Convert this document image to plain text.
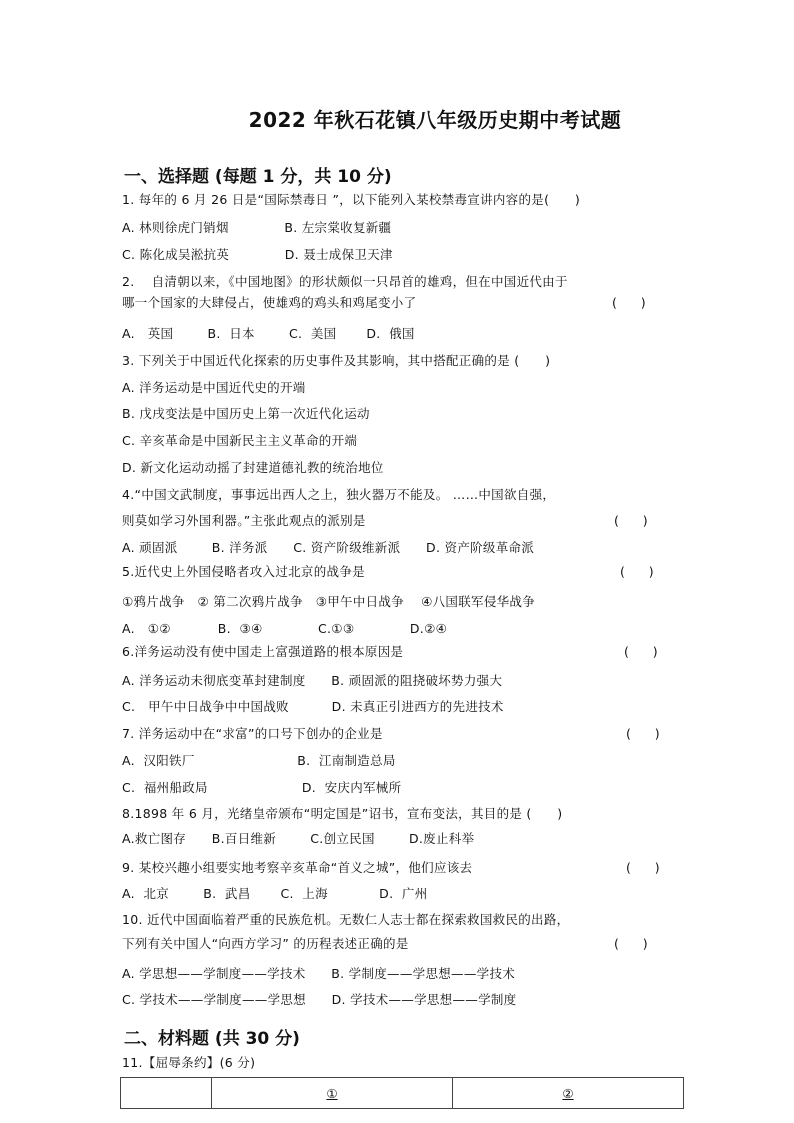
2022 年秋石花镇八年级历史期中考试题
一、选择题 (每题 1 分，共 10 分)
1. 每年的 6 月 26 日是“国际禁毒日 ”，以下能列入某校禁毒宣讲内容的是(      )
A. 林则徐虎门销烟             B. 左宗棠收复新疆
C. 陈化成吴淞抗英             D. 聂士成保卫天津
2.    自清朝以来，《中国地图》的形状颇似一只昂首的雄鸡，但在中国近代由于
哪一个国家的大肆侵占，使雄鸡的鸡头和鸡尾变小了	(      )
A.   英国        B.  日本        C.  美国       D.  俄国
3. 下列关于中国近代化探索的历史事件及其影响，其中搭配正确的是 (      )
A. 洋务运动是中国近代史的开端
B. 戊戌变法是中国历史上第一次近代化运动
C. 辛亥革命是中国新民主主义革命的开端
D. 新文化运动动摇了封建道德礼教的统治地位
4.“中国文武制度，事事远出西人之上，独火器万不能及。 ……中国欲自强，
则莫如学习外国利器。”主张此观点的派别是	(      )
A. 顽固派        B. 洋务派      C. 资产阶级维新派      D. 资产阶级革命派
5.近代史上外国侵略者攻入过北京的战争是	(      )
①鸦片战争   ② 第二次鸦片战争   ③甲午中日战争    ④八国联军侵华战争
A.   ①②           B.  ③④             C.①③             D.②④
6.洋务运动没有使中国走上富强道路的根本原因是	(      )
A. 洋务运动未彻底变革封建制度      B. 顽固派的阻挠破坏势力强大
C.   甲午中日战争中中国战败          D. 未真正引进西方的先进技术
7. 洋务运动中在“求富”的口号下创办的企业是	(      )
A.  汉阳铁厂                        B.  江南制造总局
C.  福州船政局                      D.  安庆内军械所
8.1898 年 6 月，光绪皇帝颁布“明定国是”诏书，宣布变法，其目的是 (      )
A.救亡图存      B.百日维新        C.创立民国        D.废止科举
9. 某校兴趣小组要实地考察辛亥革命“首义之城”，他们应该去	(      )
A.  北京        B.  武昌       C.  上海            D.  广州
10. 近代中国面临着严重的民族危机。无数仁人志士都在探索救国救民的出路，
下列有关中国人“向西方学习” 的历程表述正确的是	(      )
A. 学思想——学制度——学技术      B. 学制度——学思想——学技术
C. 学技术——学制度——学思想      D. 学技术——学思想——学制度
二、材料题 (共 30 分)
11.【屈辱条约】(6 分)
	①	②
